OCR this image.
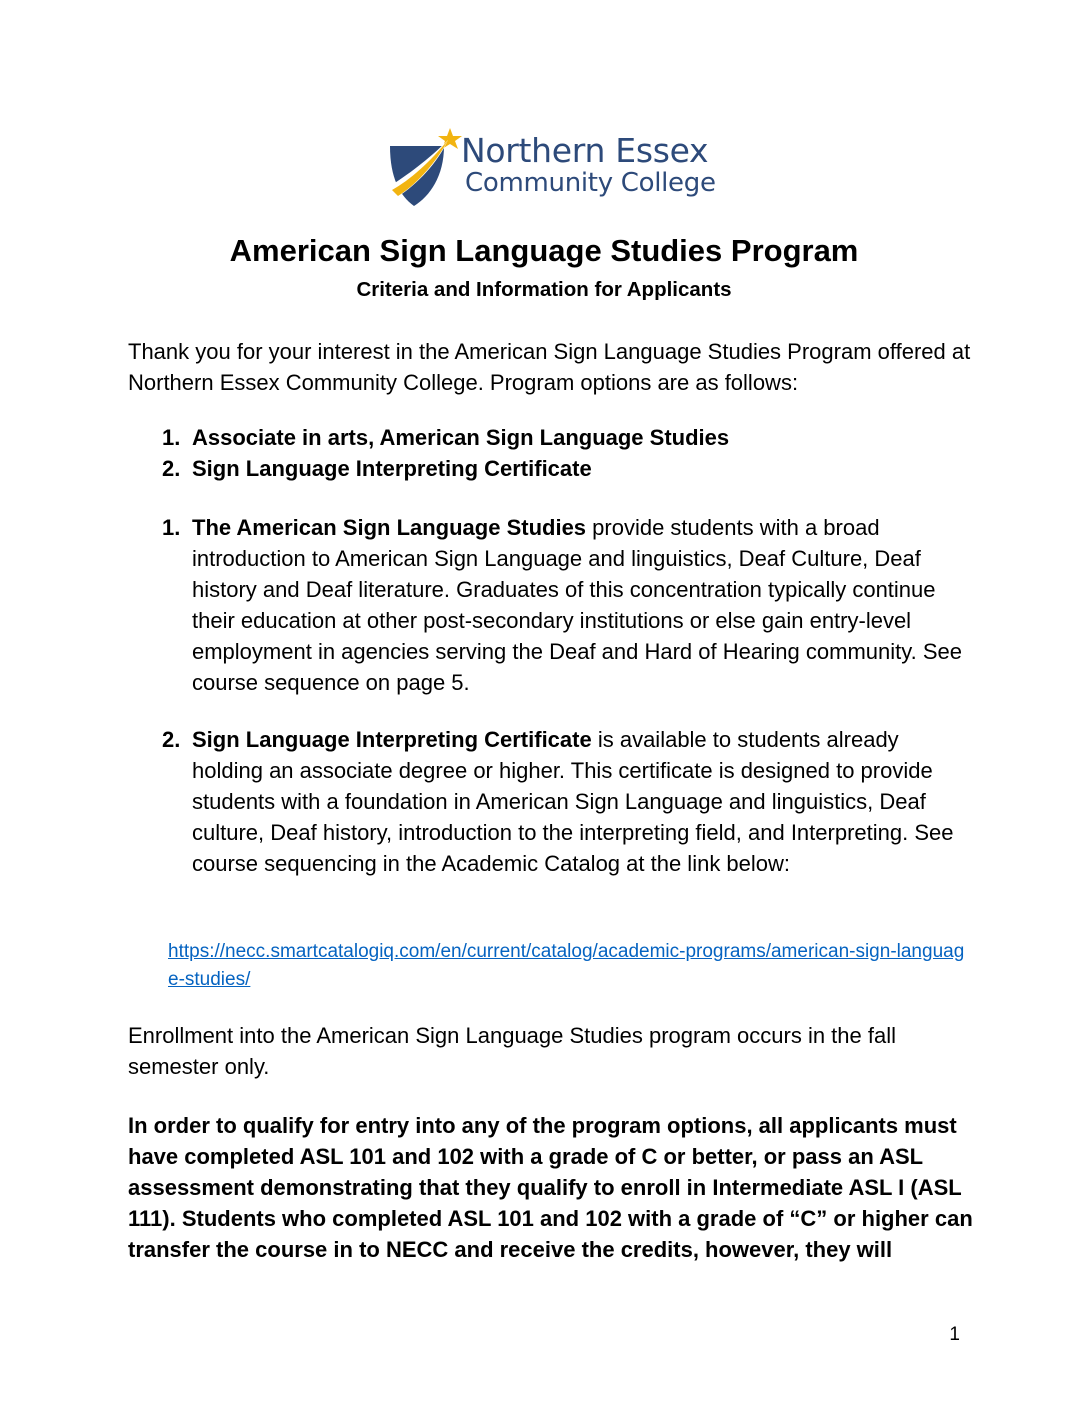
Northern Essex
Community College
American Sign Language Studies Program
Criteria and Information for Applicants

Thank you for your interest in the American Sign Language Studies Program offered at Northern Essex Community College. Program options are as follows:

1. Associate in arts, American Sign Language Studies
2. Sign Language Interpreting Certificate
1. The American Sign Language Studies provide students with a broad introduction to American Sign Language and linguistics, Deaf Culture, Deaf history and Deaf literature. Graduates of this concentration typically continue their education at other post-secondary institutions or else gain entry-level employment in agencies serving the Deaf and Hard of Hearing community. See course sequence on page 5.
2. Sign Language Interpreting Certificate is available to students already holding an associate degree or higher. This certificate is designed to provide students with a foundation in American Sign Language and linguistics, Deaf culture, Deaf history, introduction to the interpreting field, and Interpreting. See course sequencing in the Academic Catalog at the link below:
https://necc.smartcatalogiq.com/en/current/catalog/academic-programs/american-sign-language-studies/

Enrollment into the American Sign Language Studies program occurs in the fall semester only.

In order to qualify for entry into any of the program options, all applicants must have completed ASL 101 and 102 with a grade of C or better, or pass an ASL assessment demonstrating that they qualify to enroll in Intermediate ASL I (ASL 111). Students who completed ASL 101 and 102 with a grade of “C” or higher can transfer the course in to NECC and receive the credits, however, they will

1
